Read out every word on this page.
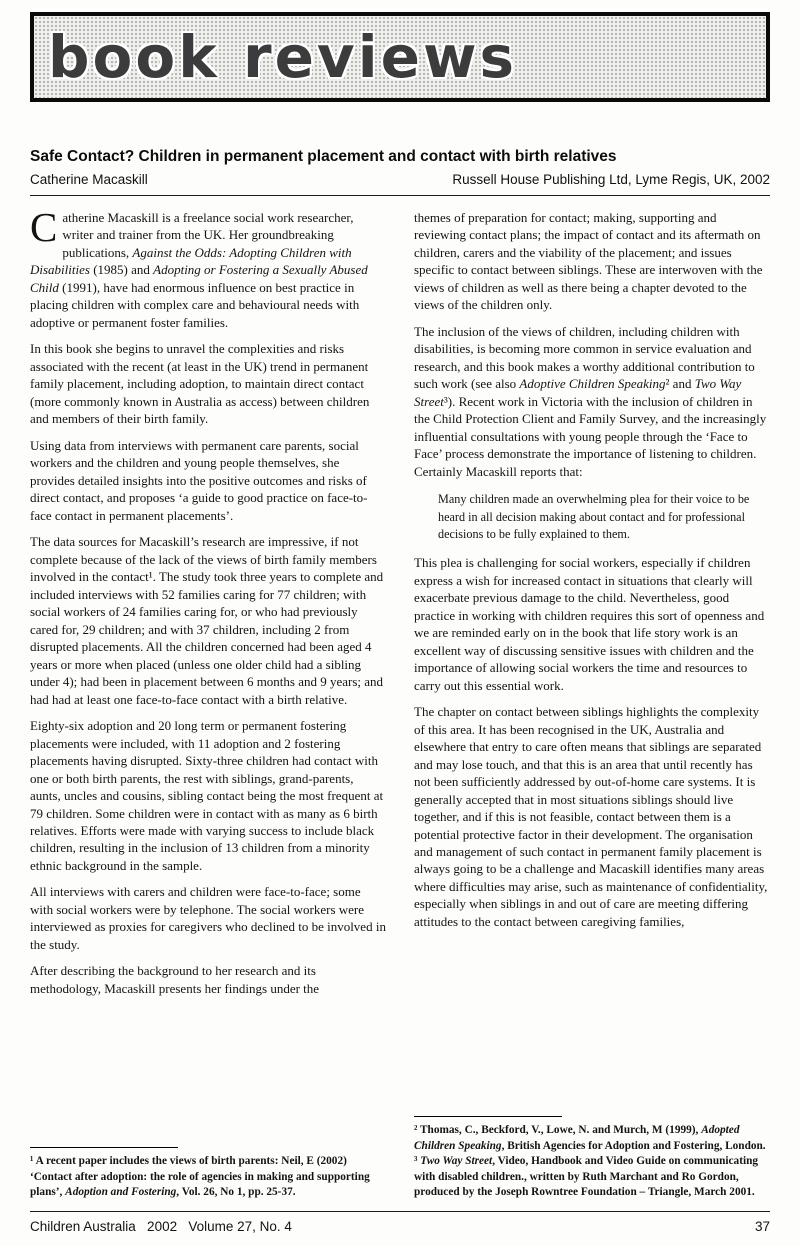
book reviews
Safe Contact? Children in permanent placement and contact with birth relatives
Catherine Macaskill	Russell House Publishing Ltd, Lyme Regis, UK, 2002

Catherine Macaskill is a freelance social work researcher, writer and trainer from the UK. Her groundbreaking publications, Against the Odds: Adopting Children with Disabilities (1985) and Adopting or Fostering a Sexually Abused Child (1991), have had enormous influence on best practice in placing children with complex care and behavioural needs with adoptive or permanent foster families.

In this book she begins to unravel the complexities and risks associated with the recent (at least in the UK) trend in permanent family placement, including adoption, to maintain direct contact (more commonly known in Australia as access) between children and members of their birth family.

Using data from interviews with permanent care parents, social workers and the children and young people themselves, she provides detailed insights into the positive outcomes and risks of direct contact, and proposes ‘a guide to good practice on face-to-face contact in permanent placements’.

The data sources for Macaskill’s research are impressive, if not complete because of the lack of the views of birth family members involved in the contact¹. The study took three years to complete and included interviews with 52 families caring for 77 children; with social workers of 24 families caring for, or who had previously cared for, 29 children; and with 37 children, including 2 from disrupted placements. All the children concerned had been aged 4 years or more when placed (unless one older child had a sibling under 4); had been in placement between 6 months and 9 years; and had had at least one face-to-face contact with a birth relative.

Eighty-six adoption and 20 long term or permanent fostering placements were included, with 11 adoption and 2 fostering placements having disrupted. Sixty-three children had contact with one or both birth parents, the rest with siblings, grand-parents, aunts, uncles and cousins, sibling contact being the most frequent at 79 children. Some children were in contact with as many as 6 birth relatives. Efforts were made with varying success to include black children, resulting in the inclusion of 13 children from a minority ethnic background in the sample.

All interviews with carers and children were face-to-face; some with social workers were by telephone. The social workers were interviewed as proxies for caregivers who declined to be involved in the study.

After describing the background to her research and its methodology, Macaskill presents her findings under the

¹ A recent paper includes the views of birth parents: Neil, E (2002) ‘Contact after adoption: the role of agencies in making and supporting plans’, Adoption and Fostering, Vol. 26, No 1, pp. 25-37.

themes of preparation for contact; making, supporting and reviewing contact plans; the impact of contact and its aftermath on children, carers and the viability of the placement; and issues specific to contact between siblings. These are interwoven with the views of children as well as there being a chapter devoted to the views of the children only.

The inclusion of the views of children, including children with disabilities, is becoming more common in service evaluation and research, and this book makes a worthy additional contribution to such work (see also Adoptive Children Speaking² and Two Way Street³). Recent work in Victoria with the inclusion of children in the Child Protection Client and Family Survey, and the increasingly influential consultations with young people through the ‘Face to Face’ process demonstrate the importance of listening to children. Certainly Macaskill reports that:

Many children made an overwhelming plea for their voice to be heard in all decision making about contact and for professional decisions to be fully explained to them.

This plea is challenging for social workers, especially if children express a wish for increased contact in situations that clearly will exacerbate previous damage to the child. Nevertheless, good practice in working with children requires this sort of openness and we are reminded early on in the book that life story work is an excellent way of discussing sensitive issues with children and the importance of allowing social workers the time and resources to carry out this essential work.

The chapter on contact between siblings highlights the complexity of this area. It has been recognised in the UK, Australia and elsewhere that entry to care often means that siblings are separated and may lose touch, and that this is an area that until recently has not been sufficiently addressed by out-of-home care systems. It is generally accepted that in most situations siblings should live together, and if this is not feasible, contact between them is a potential protective factor in their development. The organisation and management of such contact in permanent family placement is always going to be a challenge and Macaskill identifies many areas where difficulties may arise, such as maintenance of confidentiality, especially when siblings in and out of care are meeting differing attitudes to the contact between caregiving families,

² Thomas, C., Beckford, V., Lowe, N. and Murch, M (1999), Adopted Children Speaking, British Agencies for Adoption and Fostering, London.

³ Two Way Street, Video, Handbook and Video Guide on communicating with disabled children., written by Ruth Marchant and Ro Gordon, produced by the Joseph Rowntree Foundation – Triangle, March 2001.

Children Australia   2002   Volume 27, No. 4	37
